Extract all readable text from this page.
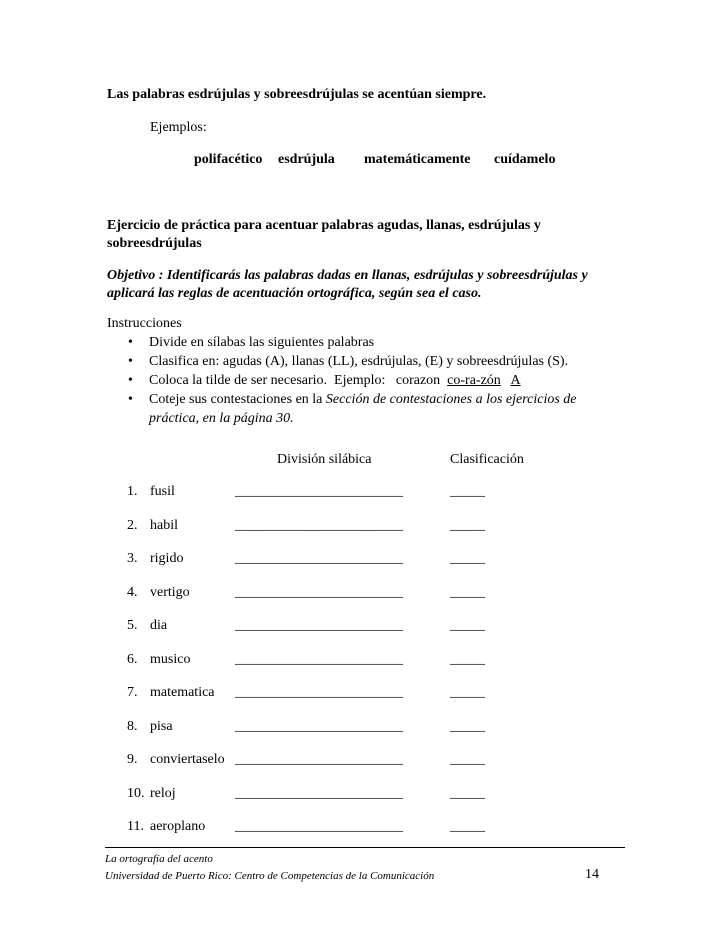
Las palabras esdrújulas y sobreesdrújulas se acentúan siempre.
Ejemplos:
polifacético esdrújula matemáticamente cuídamelo
Ejercicio de práctica para acentuar palabras agudas, llanas, esdrújulas y
sobreesdrújulas
Objetivo : Identificarás las palabras dadas en llanas, esdrújulas y sobreesdrújulas y
aplicará las reglas de acentuación ortográfica, según sea el caso.
Instrucciones
• Divide en sílabas las siguientes palabras
• Clasifica en: agudas (A), llanas (LL), esdrújulas, (E) y sobreesdrújulas (S).
• Coloca la tilde de ser necesario.  Ejemplo:   corazon  co-ra-zón A
• Coteje sus contestaciones en la Sección de contestaciones a los ejercicios de
práctica, en la página 30.
División silábica	Clasificación
1. fusil	________________________	_____
2. habil	________________________	_____
3. rigido	________________________	_____
4. vertigo	________________________	_____
5. dia	________________________	_____
6. musico	________________________	_____
7. matematica ________________________	_____
8. pisa	________________________	_____
9. conviertaselo ________________________	_____
10. reloj	________________________	_____
11. aeroplano ________________________	_____
La ortografía del acento
Universidad de Puerto Rico: Centro de Competencias de la Comunicación	14
